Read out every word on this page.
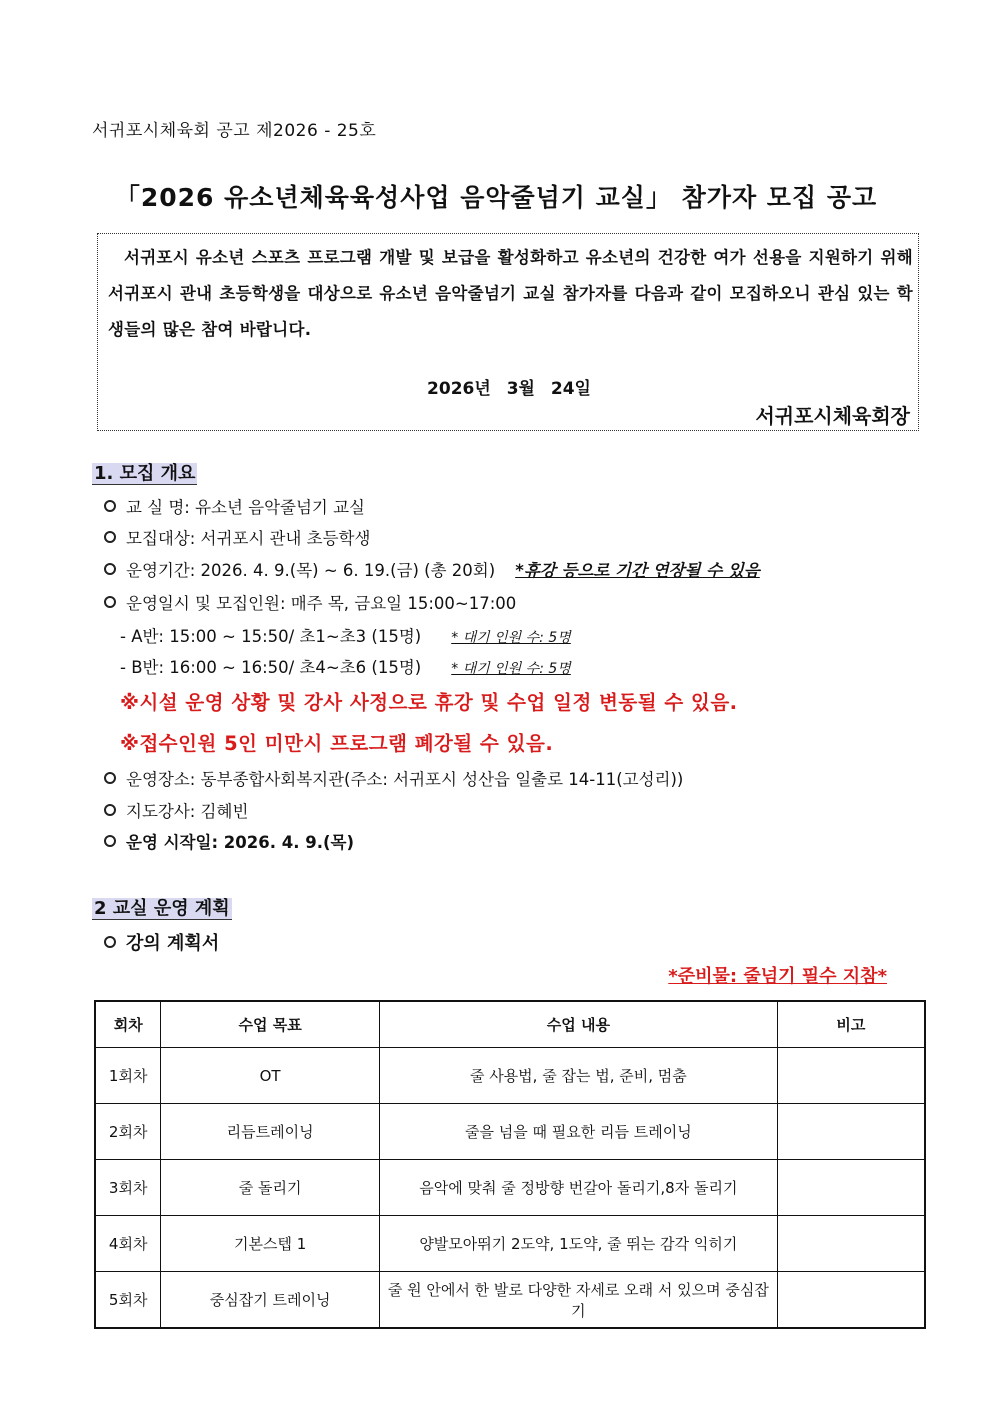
서귀포시체육회 공고 제2026 - 25호
「2026 유소년체육육성사업 음악줄넘기 교실」 참가자 모집 공고
서귀포시 유소년 스포츠 프로그램 개발 및 보급을 활성화하고 유소년의 건강한 여가 선용을 지원하기 위해 서귀포시 관내 초등학생을 대상으로 유소년 음악줄넘기 교실 참가자를 다음과 같이 모집하오니 관심 있는 학생들의 많은 참여 바랍니다.
2026년 3월 24일
서귀포시체육회장
1. 모집 개요
교 실 명: 유소년 음악줄넘기 교실
모집대상: 서귀포시 관내 초등학생
운영기간: 2026. 4. 9.(목) ~ 6. 19.(금) (총 20회) *휴강 등으로 기간 연장될 수 있음
운영일시 및 모집인원: 매주 목, 금요일 15:00~17:00
- A반: 15:00 ~ 15:50/ 초1~초3 (15명) * 대기 인원 수: 5명
- B반: 16:00 ~ 16:50/ 초4~초6 (15명) * 대기 인원 수: 5명
※시설 운영 상황 및 강사 사정으로 휴강 및 수업 일정 변동될 수 있음.
※접수인원 5인 미만시 프로그램 폐강될 수 있음.
운영장소: 동부종합사회복지관(주소: 서귀포시 성산읍 일출로 14-11(고성리))
지도강사: 김혜빈
운영 시작일: 2026. 4. 9.(목)
2 교실 운영 계획
강의 계획서
*준비물: 줄넘기 필수 지참*
회차	수업 목표	수업 내용	비고
1회차	OT	줄 사용법, 줄 잡는 법, 준비, 멈춤	
2회차	리듬트레이닝	줄을 넘을 때 필요한 리듬 트레이닝	
3회차	줄 돌리기	음악에 맞춰 줄 정방향 번갈아 돌리기,8자 돌리기	
4회차	기본스텝 1	양발모아뛰기 2도약, 1도약, 줄 뛰는 감각 익히기	
5회차	중심잡기 트레이닝	줄 원 안에서 한 발로 다양한 자세로 오래 서 있으며 중심잡기	
